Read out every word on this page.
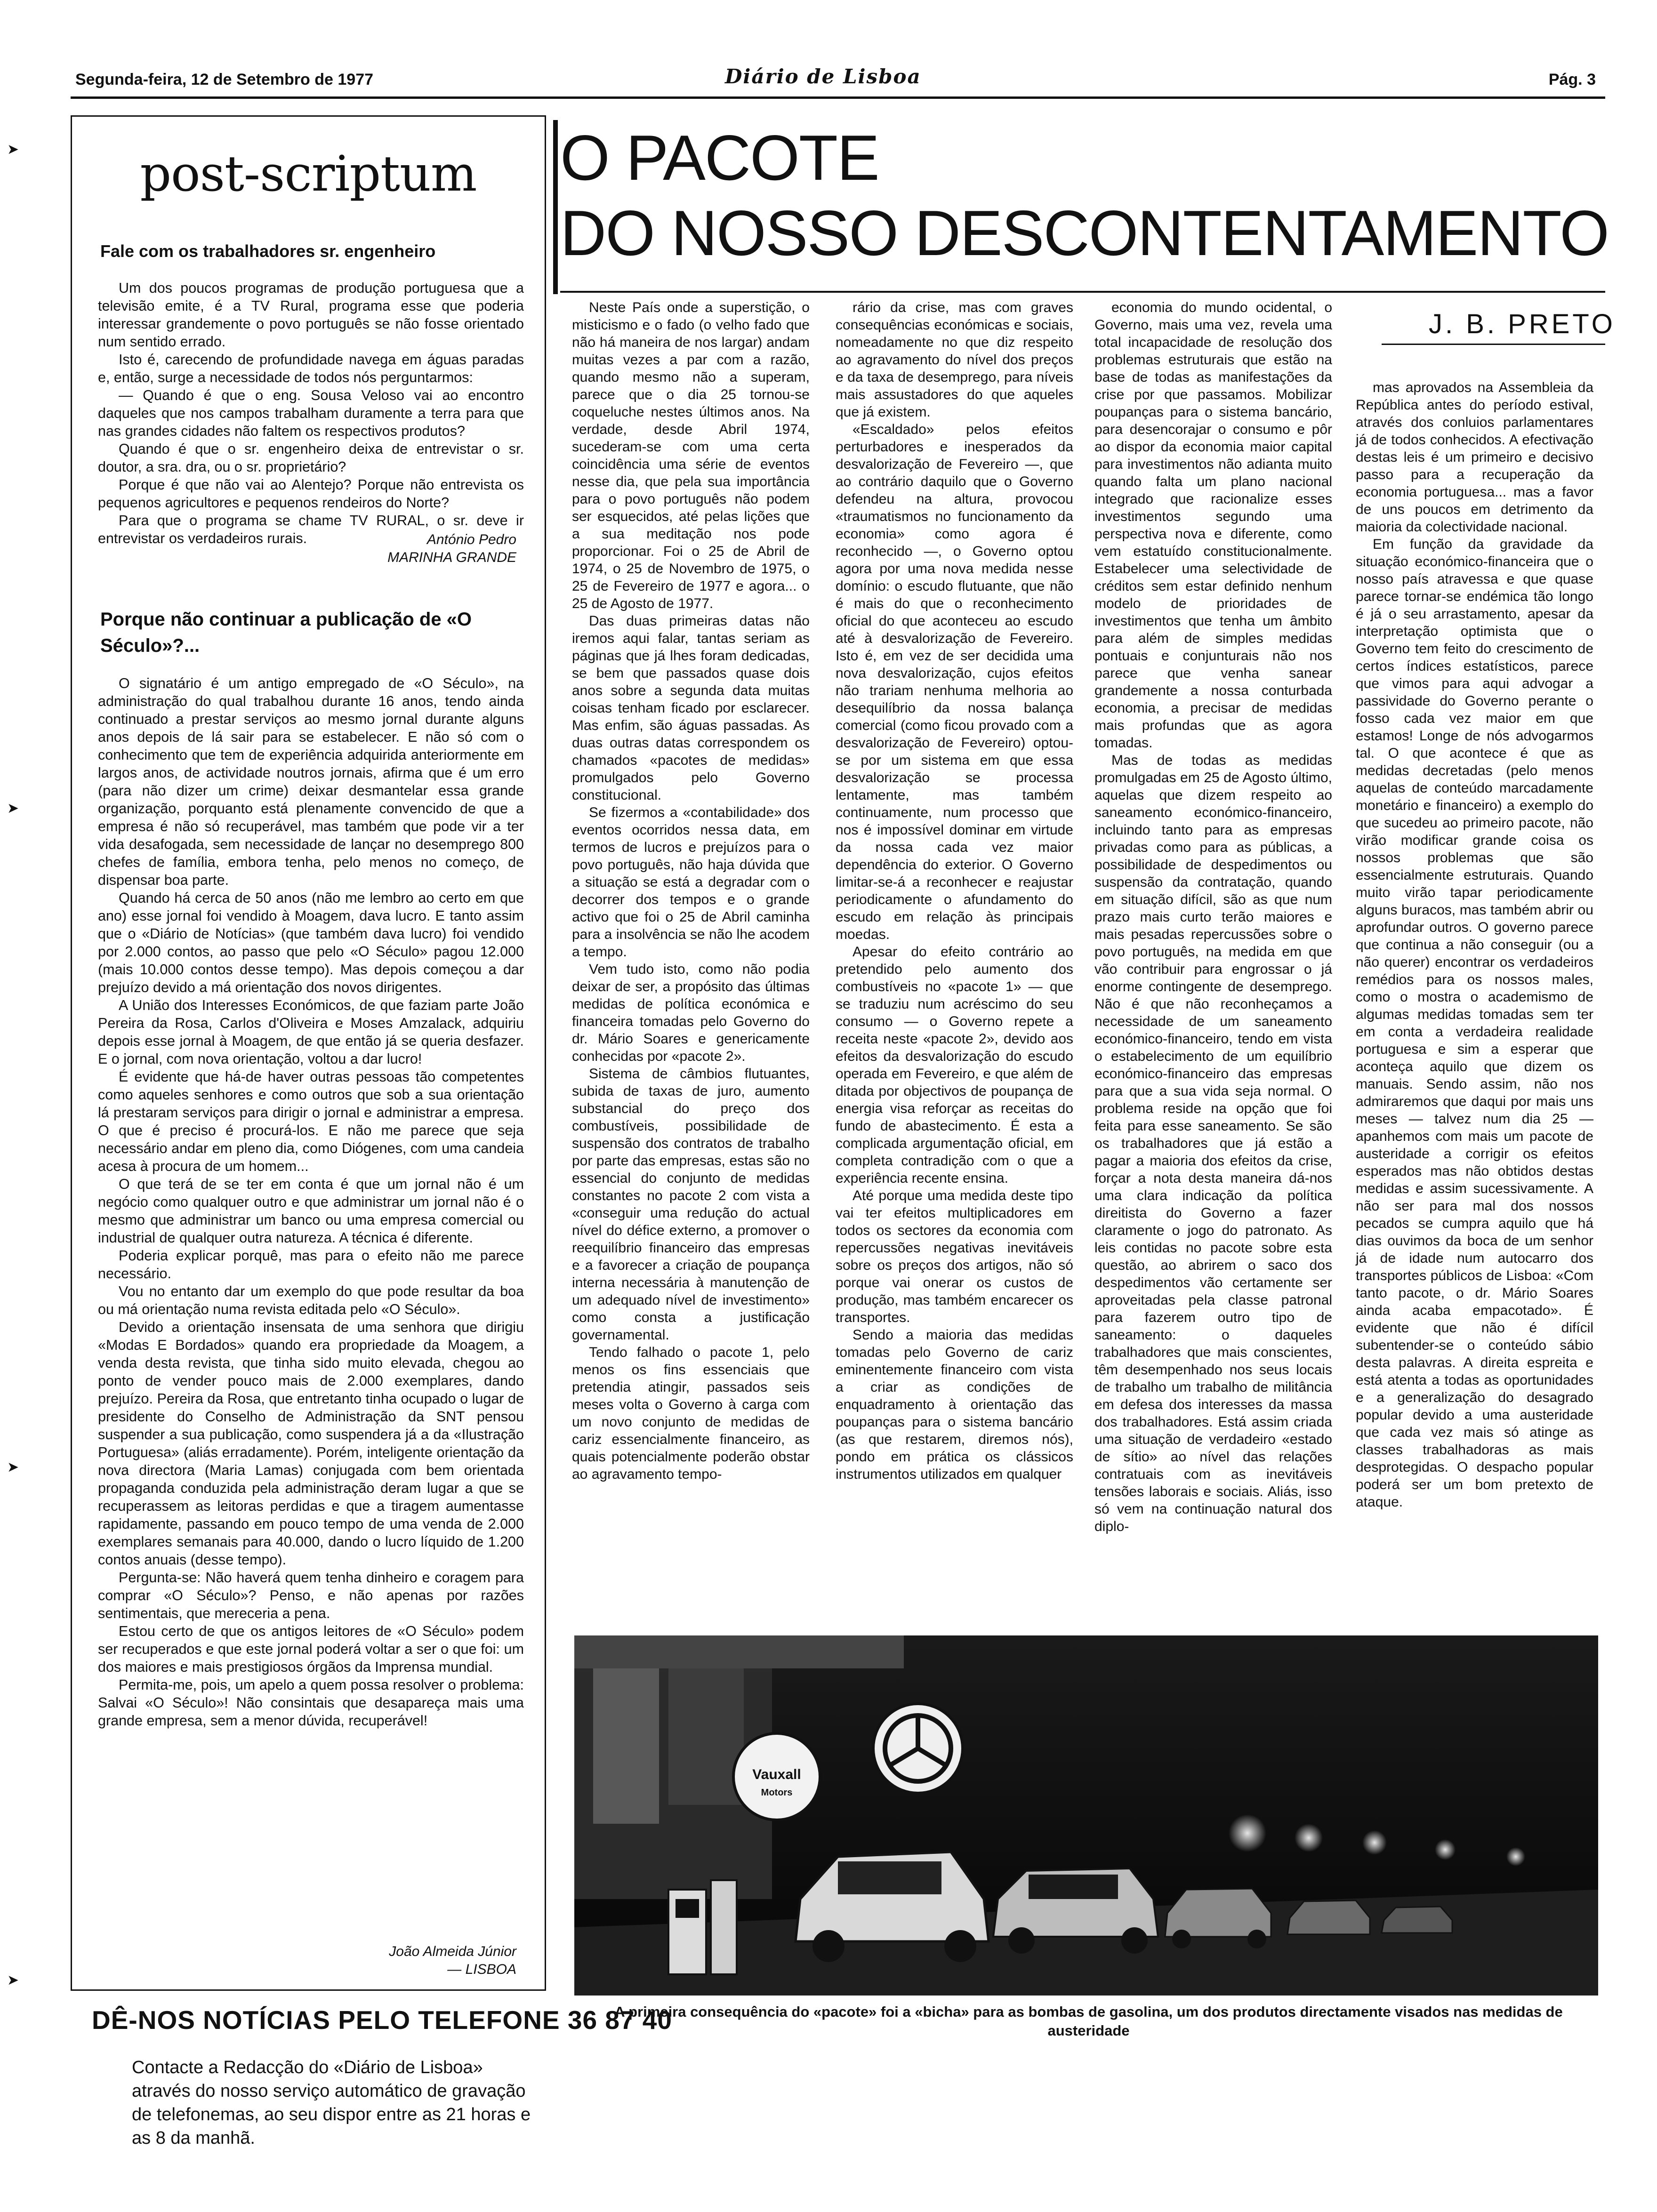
Segunda-feira, 12 de Setembro de 1977	Diário de Lisboa	Pág. 3
➤
➤
➤
➤
post-scriptum
Fale com os trabalhadores sr. engenheiro

Um dos poucos programas de produção portuguesa que a televisão emite, é a TV Rural, programa esse que poderia interessar grandemente o povo português se não fosse orientado num sentido errado.

Isto é, carecendo de profundidade navega em águas paradas e, então, surge a necessidade de todos nós perguntarmos:

— Quando é que o eng. Sousa Veloso vai ao encontro daqueles que nos campos trabalham duramente a terra para que nas grandes cidades não faltem os respectivos produtos?

Quando é que o sr. engenheiro deixa de entrevistar o sr. doutor, a sra. dra, ou o sr. proprietário?

Porque é que não vai ao Alentejo? Porque não entrevista os pequenos agricultores e pequenos rendeiros do Norte?

Para que o programa se chame TV RURAL, o sr. deve ir entrevistar os verdadeiros rurais.	António Pedro
MARINHA GRANDE
Porque não continuar a publicação de «O Século»?...

O signatário é um antigo empregado de «O Século», na administração do qual trabalhou durante 16 anos, tendo ainda continuado a prestar serviços ao mesmo jornal durante alguns anos depois de lá sair para se estabelecer. E não só com o conhecimento que tem de experiência adquirida anteriormente em largos anos, de actividade noutros jornais, afirma que é um erro (para não dizer um crime) deixar desmantelar essa grande organização, porquanto está plenamente convencido de que a empresa é não só recuperável, mas também que pode vir a ter vida desafogada, sem necessidade de lançar no desemprego 800 chefes de família, embora tenha, pelo menos no começo, de dispensar boa parte.

Quando há cerca de 50 anos (não me lembro ao certo em que ano) esse jornal foi vendido à Moagem, dava lucro. E tanto assim que o «Diário de Notícias» (que também dava lucro) foi vendido por 2.000 contos, ao passo que pelo «O Século» pagou 12.000 (mais 10.000 contos desse tempo). Mas depois começou a dar prejuízo devido a má orientação dos novos dirigentes.

A União dos Interesses Económicos, de que faziam parte João Pereira da Rosa, Carlos d'Oliveira e Moses Amzalack, adquiriu depois esse jornal à Moagem, de que então já se queria desfazer. E o jornal, com nova orientação, voltou a dar lucro!

É evidente que há-de haver outras pessoas tão competentes como aqueles senhores e como outros que sob a sua orientação lá prestaram serviços para dirigir o jornal e administrar a empresa. O que é preciso é procurá-los. E não me parece que seja necessário andar em pleno dia, como Diógenes, com uma candeia acesa à procura de um homem...

O que terá de se ter em conta é que um jornal não é um negócio como qualquer outro e que administrar um jornal não é o mesmo que administrar um banco ou uma empresa comercial ou industrial de qualquer outra natureza. A técnica é diferente.

Poderia explicar porquê, mas para o efeito não me parece necessário.

Vou no entanto dar um exemplo do que pode resultar da boa ou má orientação numa revista editada pelo «O Século».

Devido a orientação insensata de uma senhora que dirigiu «Modas E Bordados» quando era propriedade da Moagem, a venda desta revista, que tinha sido muito elevada, chegou ao ponto de vender pouco mais de 2.000 exemplares, dando prejuízo. Pereira da Rosa, que entretanto tinha ocupado o lugar de presidente do Conselho de Administração da SNT pensou suspender a sua publicação, como suspendera já a da «Ilustração Portuguesa» (aliás erradamente). Porém, inteligente orientação da nova directora (Maria Lamas) conjugada com bem orientada propaganda conduzida pela administração deram lugar a que se recuperassem as leitoras perdidas e que a tiragem aumentasse rapidamente, passando em pouco tempo de uma venda de 2.000 exemplares semanais para 40.000, dando o lucro líquido de 1.200 contos anuais (desse tempo).

Pergunta-se: Não haverá quem tenha dinheiro e coragem para comprar «O Século»? Penso, e não apenas por razões sentimentais, que mereceria a pena.

Estou certo de que os antigos leitores de «O Século» podem ser recuperados e que este jornal poderá voltar a ser o que foi: um dos maiores e mais prestigiosos órgãos da Imprensa mundial.

Permita-me, pois, um apelo a quem possa resolver o problema: Salvai «O Século»! Não consintais que desapareça mais uma grande empresa, sem a menor dúvida, recuperável!

João Almeida Júnior
— LISBOA
DÊ-NOS NOTÍCIAS PELO TELEFONE 36 87 40
Contacte a Redacção do «Diário de Lisboa» através do nosso serviço automático de gravação de telefonemas, ao seu dispor entre as 21 horas e as 8 da manhã.
O PACOTE
DO NOSSO DESCONTENTAMENTO
J. B. PRETO

Neste País onde a superstição, o misticismo e o fado (o velho fado que não há maneira de nos largar) andam muitas vezes a par com a razão, quando mesmo não a superam, parece que o dia 25 tornou-se coqueluche nestes últimos anos. Na verdade, desde Abril 1974, sucederam-se com uma certa coincidência uma série de eventos nesse dia, que pela sua importância para o povo português não podem ser esquecidos, até pelas lições que a sua meditação nos pode proporcionar. Foi o 25 de Abril de 1974, o 25 de Novembro de 1975, o 25 de Fevereiro de 1977 e agora... o 25 de Agosto de 1977.

Das duas primeiras datas não iremos aqui falar, tantas seriam as páginas que já lhes foram dedicadas, se bem que passados quase dois anos sobre a segunda data muitas coisas tenham ficado por esclarecer. Mas enfim, são águas passadas. As duas outras datas correspondem os chamados «pacotes de medidas» promulgados pelo Governo constitucional.

Se fizermos a «contabilidade» dos eventos ocorridos nessa data, em termos de lucros e prejuízos para o povo português, não haja dúvida que a situação se está a degradar com o decorrer dos tempos e o grande activo que foi o 25 de Abril caminha para a insolvência se não lhe acodem a tempo.

Vem tudo isto, como não podia deixar de ser, a propósito das últimas medidas de política económica e financeira tomadas pelo Governo do dr. Mário Soares e genericamente conhecidas por «pacote 2».

Sistema de câmbios flutuantes, subida de taxas de juro, aumento substancial do preço dos combustíveis, possibilidade de suspensão dos contratos de trabalho por parte das empresas, estas são no essencial do conjunto de medidas constantes no pacote 2 com vista a «conseguir uma redução do actual nível do défice externo, a promover o reequilíbrio financeiro das empresas e a favorecer a criação de poupança interna necessária à manutenção de um adequado nível de investimento» como consta a justificação governamental.

Tendo falhado o pacote 1, pelo menos os fins essenciais que pretendia atingir, passados seis meses volta o Governo à carga com um novo conjunto de medidas de cariz essencialmente financeiro, as quais potencialmente poderão obstar ao agravamento tempo-

rário da crise, mas com graves consequências económicas e sociais, nomeadamente no que diz respeito ao agravamento do nível dos preços e da taxa de desemprego, para níveis mais assustadores do que aqueles que já existem.

«Escaldado» pelos efeitos perturbadores e inesperados da desvalorização de Fevereiro —, que ao contrário daquilo que o Governo defendeu na altura, provocou «traumatismos no funcionamento da economia» como agora é reconhecido —, o Governo optou agora por uma nova medida nesse domínio: o escudo flutuante, que não é mais do que o reconhecimento oficial do que aconteceu ao escudo até à desvalorização de Fevereiro. Isto é, em vez de ser decidida uma nova desvalorização, cujos efeitos não trariam nenhuma melhoria ao desequilíbrio da nossa balança comercial (como ficou provado com a desvalorização de Fevereiro) optou-se por um sistema em que essa desvalorização se processa lentamente, mas também continuamente, num processo que nos é impossível dominar em virtude da nossa cada vez maior dependência do exterior. O Governo limitar-se-á a reconhecer e reajustar periodicamente o afundamento do escudo em relação às principais moedas.

Apesar do efeito contrário ao pretendido pelo aumento dos combustíveis no «pacote 1» — que se traduziu num acréscimo do seu consumo — o Governo repete a receita neste «pacote 2», devido aos efeitos da desvalorização do escudo operada em Fevereiro, e que além de ditada por objectivos de poupança de energia visa reforçar as receitas do fundo de abastecimento. É esta a complicada argumentação oficial, em completa contradição com o que a experiência recente ensina.

Até porque uma medida deste tipo vai ter efeitos multiplicadores em todos os sectores da economia com repercussões negativas inevitáveis sobre os preços dos artigos, não só porque vai onerar os custos de produção, mas também encarecer os transportes.

Sendo a maioria das medidas tomadas pelo Governo de cariz eminentemente financeiro com vista a criar as condições de enquadramento à orientação das poupanças para o sistema bancário (as que restarem, diremos nós), pondo em prática os clássicos instrumentos utilizados em qualquer

economia do mundo ocidental, o Governo, mais uma vez, revela uma total incapacidade de resolução dos problemas estruturais que estão na base de todas as manifestações da crise por que passamos. Mobilizar poupanças para o sistema bancário, para desencorajar o consumo e pôr ao dispor da economia maior capital para investimentos não adianta muito quando falta um plano nacional integrado que racionalize esses investimentos segundo uma perspectiva nova e diferente, como vem estatuído constitucionalmente. Estabelecer uma selectividade de créditos sem estar definido nenhum modelo de prioridades de investimentos que tenha um âmbito para além de simples medidas pontuais e conjunturais não nos parece que venha sanear grandemente a nossa conturbada economia, a precisar de medidas mais profundas que as agora tomadas.

Mas de todas as medidas promulgadas em 25 de Agosto último, aquelas que dizem respeito ao saneamento económico-financeiro, incluindo tanto para as empresas privadas como para as públicas, a possibilidade de despedimentos ou suspensão da contratação, quando em situação difícil, são as que num prazo mais curto terão maiores e mais pesadas repercussões sobre o povo português, na medida em que vão contribuir para engrossar o já enorme contingente de desemprego. Não é que não reconheçamos a necessidade de um saneamento económico-financeiro, tendo em vista o estabelecimento de um equilíbrio económico-financeiro das empresas para que a sua vida seja normal. O problema reside na opção que foi feita para esse saneamento. Se são os trabalhadores que já estão a pagar a maioria dos efeitos da crise, forçar a nota desta maneira dá-nos uma clara indicação da política direitista do Governo a fazer claramente o jogo do patronato. As leis contidas no pacote sobre esta questão, ao abrirem o saco dos despedimentos vão certamente ser aproveitadas pela classe patronal para fazerem outro tipo de saneamento: o daqueles trabalhadores que mais conscientes, têm desempenhado nos seus locais de trabalho um trabalho de militância em defesa dos interesses da massa dos trabalhadores. Está assim criada uma situação de verdadeiro «estado de sítio» ao nível das relações contratuais com as inevitáveis tensões laborais e sociais. Aliás, isso só vem na continuação natural dos diplo-

mas aprovados na Assembleia da República antes do período estival, através dos conluios parlamentares já de todos conhecidos. A efectivação destas leis é um primeiro e decisivo passo para a recuperação da economia portuguesa... mas a favor de uns poucos em detrimento da maioria da colectividade nacional.

Em função da gravidade da situação económico-financeira que o nosso país atravessa e que quase parece tornar-se endémica tão longo é já o seu arrastamento, apesar da interpretação optimista que o Governo tem feito do crescimento de certos índices estatísticos, parece que vimos para aqui advogar a passividade do Governo perante o fosso cada vez maior em que estamos! Longe de nós advogarmos tal. O que acontece é que as medidas decretadas (pelo menos aquelas de conteúdo marcadamente monetário e financeiro) a exemplo do que sucedeu ao primeiro pacote, não virão modificar grande coisa os nossos problemas que são essencialmente estruturais. Quando muito virão tapar periodicamente alguns buracos, mas também abrir ou aprofundar outros. O governo parece que continua a não conseguir (ou a não querer) encontrar os verdadeiros remédios para os nossos males, como o mostra o academismo de algumas medidas tomadas sem ter em conta a verdadeira realidade portuguesa e sim a esperar que aconteça aquilo que dizem os manuais. Sendo assim, não nos admiraremos que daqui por mais uns meses — talvez num dia 25 — apanhemos com mais um pacote de austeridade a corrigir os efeitos esperados mas não obtidos destas medidas e assim sucessivamente. A não ser para mal dos nossos pecados se cumpra aquilo que há dias ouvimos da boca de um senhor já de idade num autocarro dos transportes públicos de Lisboa: «Com tanto pacote, o dr. Mário Soares ainda acaba empacotado». É evidente que não é difícil subentender-se o conteúdo sábio desta palavras. A direita espreita e está atenta a todas as oportunidades e a generalização do desagrado popular devido a uma austeridade que cada vez mais só atinge as classes trabalhadoras as mais desprotegidas. O despacho popular poderá ser um bom pretexto de ataque.

Vauxall
Motors
A primeira consequência do «pacote» foi a «bicha» para as bombas de gasolina, um dos produtos directamente visados nas medidas de austeridade
